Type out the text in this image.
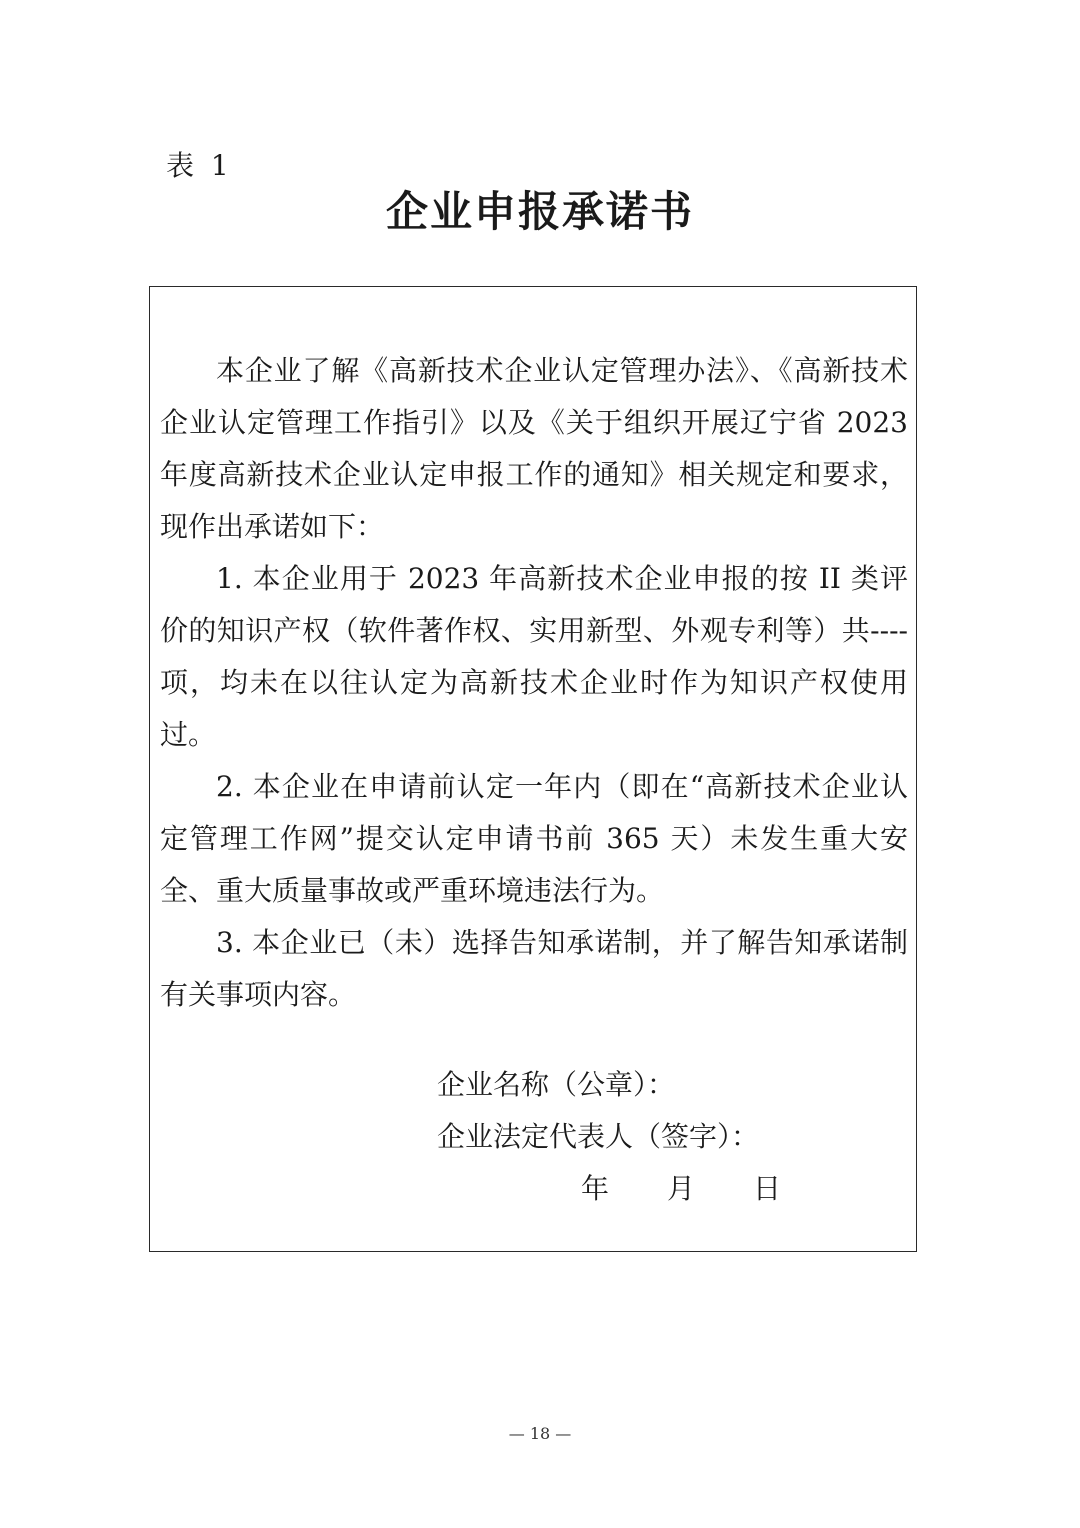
表 1
企业申报承诺书

本企业了解《高新技术企业认定管理办法》、《高新技术企业认定管理工作指引》以及《关于组织开展辽宁省 2023 年度高新技术企业认定申报工作的通知》相关规定和要求，现作出承诺如下：

1. 本企业用于 2023 年高新技术企业申报的按 II 类评价的知识产权（软件著作权、实用新型、外观专利等）共----项，均未在以往认定为高新技术企业时作为知识产权使用过。

2. 本企业在申请前认定一年内（即在“高新技术企业认定管理工作网”提交认定申请书前 365 天）未发生重大安全、重大质量事故或严重环境违法行为。

3. 本企业已（未）选择告知承诺制，并了解告知承诺制有关事项内容。

企业名称（公章）：
企业法定代表人（签字）：
年 月 日
— 18 —
